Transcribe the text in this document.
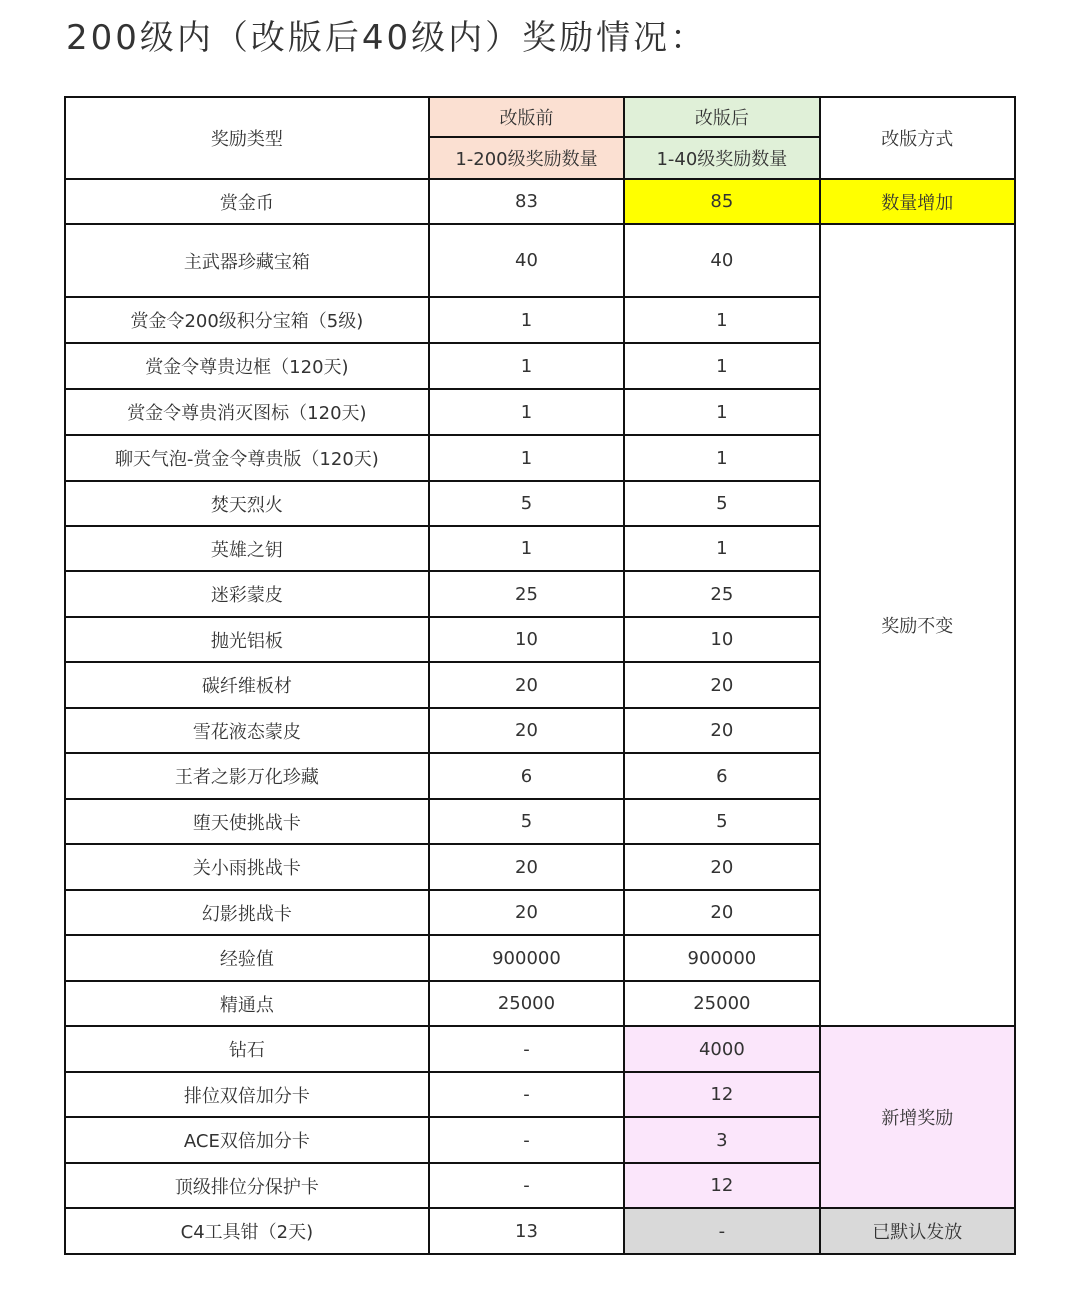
200级内（改版后40级内）奖励情况：
奖励类型	改版前	改版后	改版方式
	1-200级奖励数量	1-40级奖励数量	
赏金币	83	85	数量增加
主武器珍藏宝箱	40	40	奖励不变
赏金令200级积分宝箱（5级)	1	1	
赏金令尊贵边框（120天)	1	1	
赏金令尊贵消灭图标（120天)	1	1	
聊天气泡-赏金令尊贵版（120天)	1	1	
焚天烈火	5	5	
英雄之钥	1	1	
迷彩蒙皮	25	25	
抛光铝板	10	10	
碳纤维板材	20	20	
雪花液态蒙皮	20	20	
王者之影万化珍藏	6	6	
堕天使挑战卡	5	5	
关小雨挑战卡	20	20	
幻影挑战卡	20	20	
经验值	900000	900000	
精通点	25000	25000	
钻石	-	4000	新增奖励
排位双倍加分卡	-	12	
ACE双倍加分卡	-	3	
顶级排位分保护卡	-	12	
C4工具钳（2天)	13	-	已默认发放
